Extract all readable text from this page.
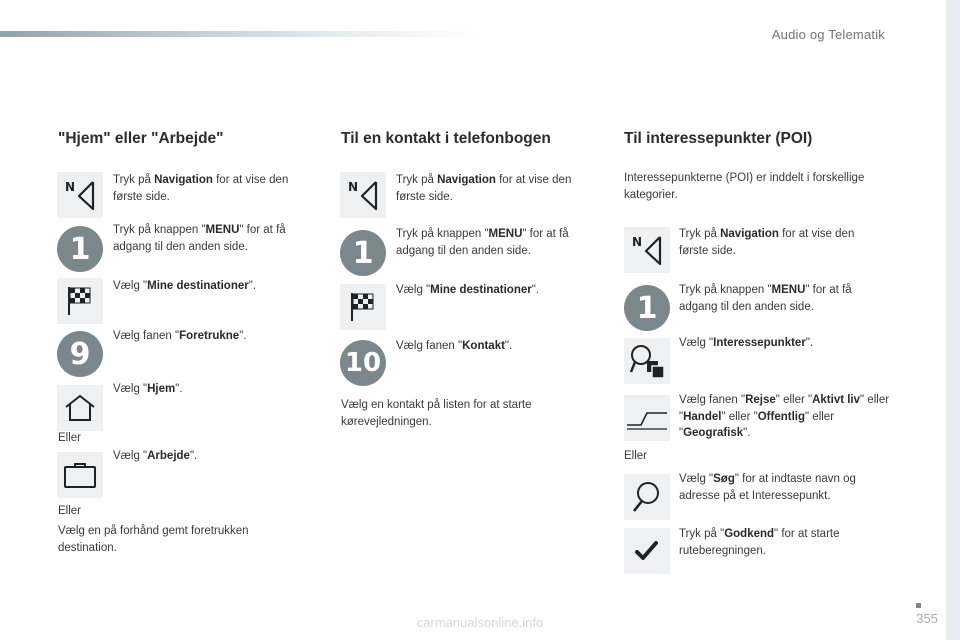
Audio og Telematik
"Hjem" eller "Arbejde"
N	Tryk på Navigation for at vise den første side.
1
Tryk på knappen "MENU" for at få adgang til den anden side.
Vælg "Mine destinationer".
9
Vælg fanen "Foretrukne".
Vælg "Hjem".
Eller
Vælg "Arbejde".
Eller
Vælg en på forhånd gemt foretrukken destination.
Til en kontakt i telefonbogen
N	Tryk på Navigation for at vise den første side.
1
Tryk på knappen "MENU" for at få adgang til den anden side.
Vælg "Mine destinationer".
10
Vælg fanen "Kontakt".
Vælg en kontakt på listen for at starte kørevejledningen.
Til interessepunkter (POI)
Interessepunkterne (POI) er inddelt i forskellige kategorier.
N
Tryk på Navigation for at vise den første side.
1
Tryk på knappen "MENU" for at få adgang til den anden side.
Vælg "Interessepunkter".
Vælg fanen "Rejse" eller "Aktivt liv" eller "Handel" eller "Offentlig" eller "Geografisk".
Eller
Vælg "Søg" for at indtaste navn og adresse på et Interessepunkt.
Tryk på "Godkend" for at starte ruteberegningen.
355
carmanualsonline.info
